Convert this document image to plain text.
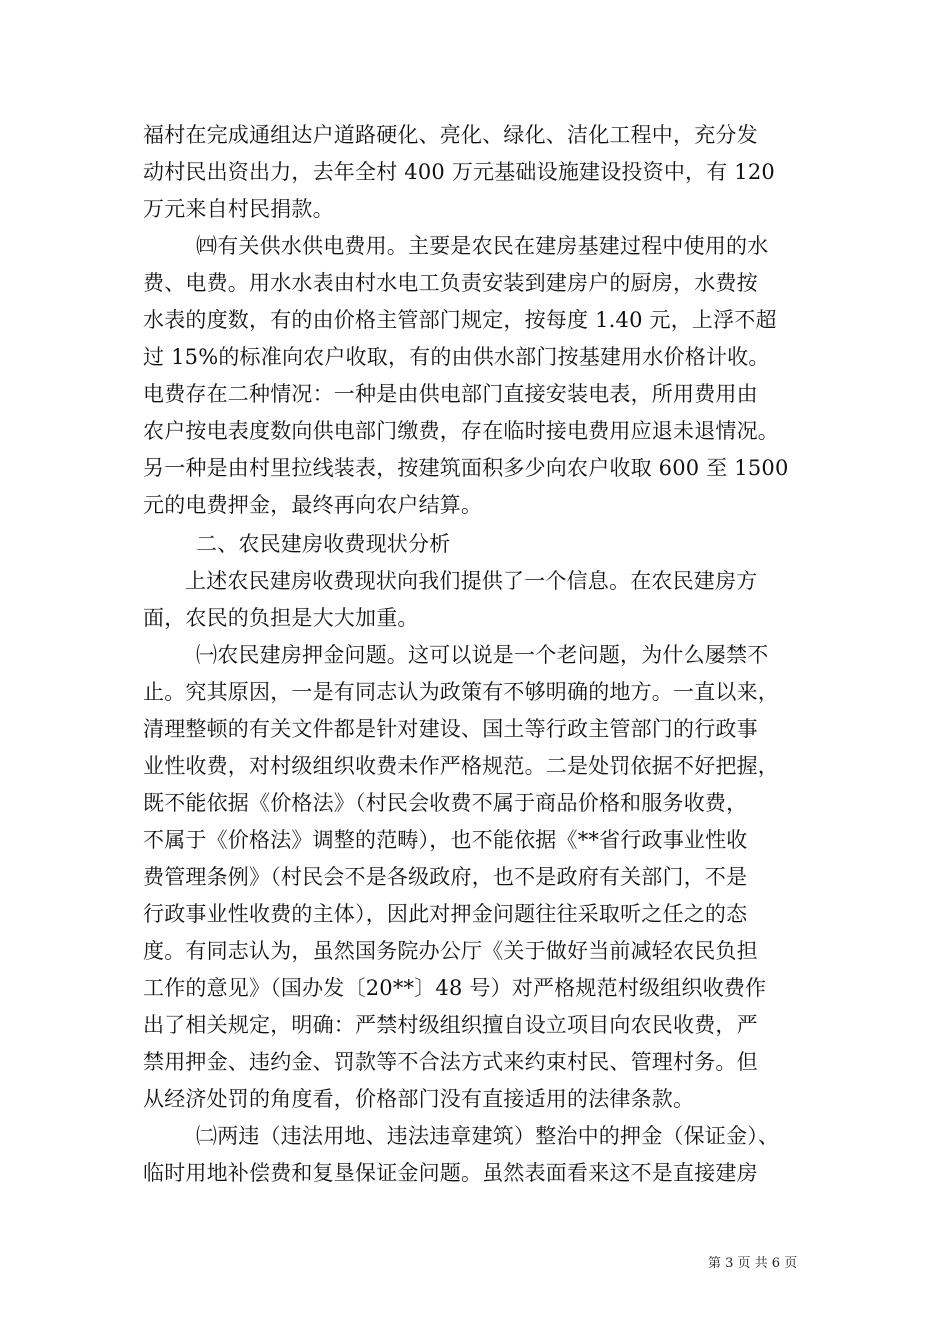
福村在完成通组达户道路硬化、亮化、绿化、洁化工程中，充分发
动村民出资出力，去年全村 400 万元基础设施建设投资中，有 120
万元来自村民捐款。
㈣有关供水供电费用。主要是农民在建房基建过程中使用的水
费、电费。用水水表由村水电工负责安装到建房户的厨房，水费按
水表的度数，有的由价格主管部门规定，按每度 1.40 元，上浮不超
过 15%的标准向农户收取，有的由供水部门按基建用水价格计收。
电费存在二种情况：一种是由供电部门直接安装电表，所用费用由
农户按电表度数向供电部门缴费，存在临时接电费用应退未退情况。
另一种是由村里拉线装表，按建筑面积多少向农户收取 600 至 1500
元的电费押金，最终再向农户结算。
二、农民建房收费现状分析
上述农民建房收费现状向我们提供了一个信息。在农民建房方
面，农民的负担是大大加重。
㈠农民建房押金问题。这可以说是一个老问题，为什么屡禁不
止。究其原因，一是有同志认为政策有不够明确的地方。一直以来，
清理整顿的有关文件都是针对建设、国土等行政主管部门的行政事
业性收费，对村级组织收费未作严格规范。二是处罚依据不好把握，
既不能依据《价格法》（村民会收费不属于商品价格和服务收费，
不属于《价格法》调整的范畴），也不能依据《**省行政事业性收
费管理条例》（村民会不是各级政府，也不是政府有关部门，不是
行政事业性收费的主体），因此对押金问题往往采取听之任之的态
度。有同志认为，虽然国务院办公厅《关于做好当前减轻农民负担
工作的意见》（国办发〔20**〕48 号）对严格规范村级组织收费作
出了相关规定，明确：严禁村级组织擅自设立项目向农民收费，严
禁用押金、违约金、罚款等不合法方式来约束村民、管理村务。但
从经济处罚的角度看，价格部门没有直接适用的法律条款。
㈡两违（违法用地、违法违章建筑）整治中的押金（保证金）、
临时用地补偿费和复垦保证金问题。虽然表面看来这不是直接建房
第 3 页 共 6 页
